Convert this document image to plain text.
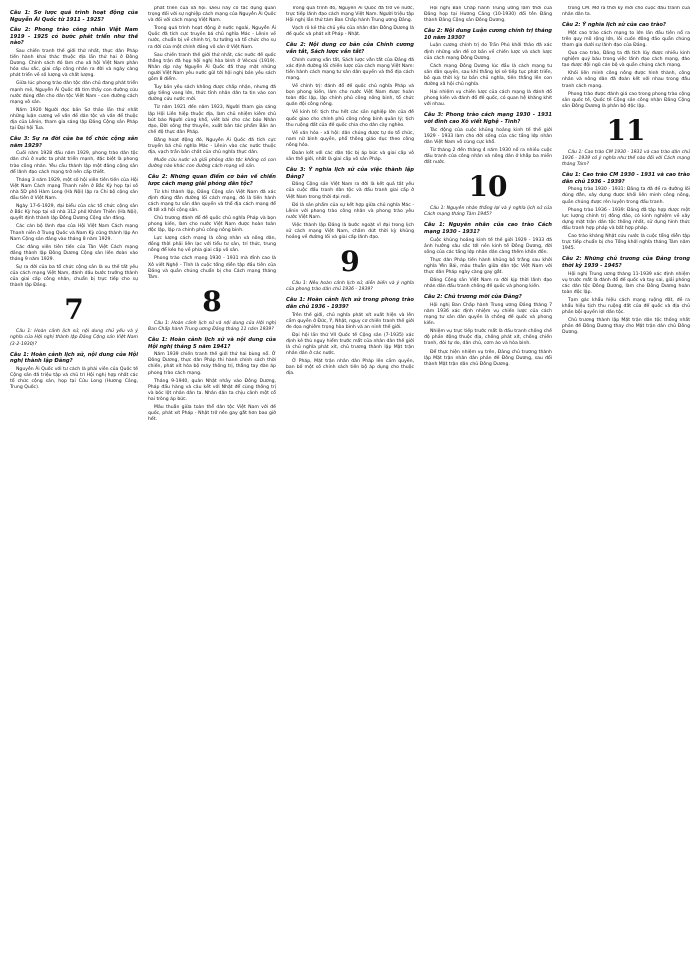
Câu 1: Sơ lược quá trình hoạt động của Nguyễn Ái Quốc từ 1911 - 1925?
Câu 2: Phong trào công nhân Việt Nam 1919 - 1925 có bước phát triển như thế nào?

Sau chiến tranh thế giới thứ nhất, thực dân Pháp tiến hành khai thác thuộc địa lần thứ hai ở Đông Dương. Chính sách đó làm cho xã hội Việt Nam phân hóa sâu sắc, giai cấp công nhân ra đời và ngày càng phát triển về số lượng và chất lượng.

Giữa lúc phong trào dân tộc dân chủ đang phát triển mạnh mẽ, Nguyễn Ái Quốc đã tìm thấy con đường cứu nước đúng đắn cho dân tộc Việt Nam - con đường cách mạng vô sản.

Năm 1920 Người đọc bản Sơ thảo lần thứ nhất những luận cương về vấn đề dân tộc và vấn đề thuộc địa của Lênin, tham gia sáng lập Đảng Cộng sản Pháp tại Đại hội Tua.

Câu 3: Sự ra đời của ba tổ chức cộng sản năm 1929?

Cuối năm 1928 đầu năm 1929, phong trào dân tộc dân chủ ở nước ta phát triển mạnh, đặc biệt là phong trào công nhân. Yêu cầu thành lập một đảng cộng sản để lãnh đạo cách mạng trở nên cấp thiết.

Tháng 3 năm 1929, một số hội viên tiên tiến của Hội Việt Nam Cách mạng Thanh niên ở Bắc Kỳ họp tại số nhà 5D phố Hàm Long (Hà Nội) lập ra Chi bộ cộng sản đầu tiên ở Việt Nam.

Ngày 17-6-1929, đại biểu của các tổ chức cộng sản ở Bắc Kỳ họp tại số nhà 312 phố Khâm Thiên (Hà Nội), quyết định thành lập Đông Dương Cộng sản đảng.

Các cán bộ lãnh đạo của Hội Việt Nam Cách mạng Thanh niên ở Trung Quốc và Nam Kỳ cũng thành lập An Nam Cộng sản đảng vào tháng 8 năm 1929.

Các đảng viên tiên tiến của Tân Việt Cách mạng đảng thành lập Đông Dương Cộng sản liên đoàn vào tháng 9 năm 1929.

Sự ra đời của ba tổ chức cộng sản là xu thế tất yếu của cách mạng Việt Nam, đánh dấu bước trưởng thành của giai cấp công nhân, chuẩn bị trực tiếp cho sự thành lập Đảng.

7

Câu 1: Hoàn cảnh lịch sử, nội dung chủ yếu và ý nghĩa của Hội nghị thành lập Đảng Cộng sản Việt Nam (3-2-1930)?

Câu 1: Hoàn cảnh lịch sử, nội dung của Hội nghị thành lập Đảng?

Nguyễn Ái Quốc với tư cách là phái viên của Quốc tế Cộng sản đã triệu tập và chủ trì Hội nghị hợp nhất các tổ chức cộng sản, họp tại Cửu Long (Hương Cảng, Trung Quốc).

phát triển của xã hội. Điều này có tác dụng quan trọng đối với sự nghiệp cách mạng của Nguyễn Ái Quốc và đối với cách mạng Việt Nam.

Trong quá trình hoạt động ở nước ngoài, Nguyễn Ái Quốc đã tích cực truyền bá chủ nghĩa Mác - Lênin về nước, chuẩn bị về chính trị, tư tưởng và tổ chức cho sự ra đời của một chính đảng vô sản ở Việt Nam.

Sau chiến tranh thế giới thứ nhất, các nước đế quốc thắng trận đã họp hội nghị hòa bình ở Vécxai (1919). Nhân dịp này Nguyễn Ái Quốc đã thay mặt những người Việt Nam yêu nước gửi tới hội nghị bản yêu sách gồm 8 điểm.

Tuy bản yêu sách không được chấp nhận, nhưng đã gây tiếng vang lớn, thức tỉnh nhân dân ta tin vào con đường cứu nước mới.

Từ năm 1921 đến năm 1923, Người tham gia sáng lập Hội Liên hiệp thuộc địa, làm chủ nhiệm kiêm chủ bút báo Người cùng khổ, viết bài cho các báo Nhân đạo, Đời sống thợ thuyền, xuất bản tác phẩm Bản án chế độ thực dân Pháp.

Bằng hoạt động đó, Nguyễn Ái Quốc đã tích cực truyền bá chủ nghĩa Mác - Lênin vào các nước thuộc địa, vạch trần bản chất của chủ nghĩa thực dân.

Muốn cứu nước và giải phóng dân tộc không có con đường nào khác con đường cách mạng vô sản.

Câu 2: Những quan điểm cơ bản về chiến lược cách mạng giải phóng dân tộc?

Từ khi thành lập, Đảng Cộng sản Việt Nam đã xác định đúng đắn đường lối cách mạng, đó là tiến hành cách mạng tư sản dân quyền và thổ địa cách mạng để đi tới xã hội cộng sản.

Chủ trương đánh đổ đế quốc chủ nghĩa Pháp và bọn phong kiến, làm cho nước Việt Nam được hoàn toàn độc lập, lập ra chính phủ công nông binh.

Lực lượng cách mạng là công nhân và nông dân, đồng thời phải liên lạc với tiểu tư sản, trí thức, trung nông để kéo họ về phía giai cấp vô sản.

Phong trào cách mạng 1930 - 1931 mà đỉnh cao là Xô viết Nghệ - Tĩnh là cuộc tổng diễn tập đầu tiên của Đảng và quần chúng chuẩn bị cho Cách mạng tháng Tám.

8

Câu 1: Hoàn cảnh lịch sử và nội dung của Hội nghị Ban Chấp hành Trung ương Đảng tháng 11 năm 1939?

Câu 1: Hoàn cảnh lịch sử và nội dung của Hội nghị tháng 5 năm 1941?

Năm 1939 chiến tranh thế giới thứ hai bùng nổ. Ở Đông Dương, thực dân Pháp thi hành chính sách thời chiến, phát xít hóa bộ máy thống trị, thẳng tay đàn áp phong trào cách mạng.

Tháng 9-1940, quân Nhật nhảy vào Đông Dương, Pháp đầu hàng và câu kết với Nhật để cùng thống trị và bóc lột nhân dân ta. Nhân dân ta chịu cảnh một cổ hai tròng áp bức.

Mâu thuẫn giữa toàn thể dân tộc Việt Nam với đế quốc, phát xít Pháp - Nhật trở nên gay gắt hơn bao giờ hết.

Trong quá trình đó, Nguyễn Ái Quốc đã trở về nước, trực tiếp lãnh đạo cách mạng Việt Nam. Người triệu tập Hội nghị lần thứ tám Ban Chấp hành Trung ương Đảng.

Vạch rõ kẻ thù chủ yếu của nhân dân Đông Dương là đế quốc và phát xít Pháp - Nhật.

Câu 2: Nội dung cơ bản của Chính cương vắn tắt, Sách lược vắn tắt?

Chính cương vắn tắt, Sách lược vắn tắt của Đảng đã xác định đường lối chiến lược của cách mạng Việt Nam: tiến hành cách mạng tư sản dân quyền và thổ địa cách mạng.

Về chính trị: đánh đổ đế quốc chủ nghĩa Pháp và bọn phong kiến, làm cho nước Việt Nam được hoàn toàn độc lập, lập chính phủ công nông binh, tổ chức quân đội công nông.

Về kinh tế: tịch thu hết các sản nghiệp lớn của đế quốc giao cho chính phủ công nông binh quản lý; tịch thu ruộng đất của đế quốc chia cho dân cày nghèo.

Về văn hóa - xã hội: dân chúng được tự do tổ chức, nam nữ bình quyền, phổ thông giáo dục theo công nông hóa.

Đoàn kết với các dân tộc bị áp bức và giai cấp vô sản thế giới, nhất là giai cấp vô sản Pháp.

Câu 3: Ý nghĩa lịch sử của việc thành lập Đảng?

Đảng Cộng sản Việt Nam ra đời là kết quả tất yếu của cuộc đấu tranh dân tộc và đấu tranh giai cấp ở Việt Nam trong thời đại mới.

Đó là sản phẩm của sự kết hợp giữa chủ nghĩa Mác - Lênin với phong trào công nhân và phong trào yêu nước Việt Nam.

Việc thành lập Đảng là bước ngoặt vĩ đại trong lịch sử cách mạng Việt Nam, chấm dứt thời kỳ khủng hoảng về đường lối và giai cấp lãnh đạo.

9

Câu 1: Nêu hoàn cảnh lịch sử, diễn biến và ý nghĩa của phong trào dân chủ 1936 - 1939?

Câu 1: Hoàn cảnh lịch sử trong phong trào dân chủ 1936 - 1939?

Trên thế giới, chủ nghĩa phát xít xuất hiện và lên cầm quyền ở Đức, Ý, Nhật, nguy cơ chiến tranh thế giới đe dọa nghiêm trọng hòa bình và an ninh thế giới.

Đại hội lần thứ VII Quốc tế Cộng sản (7-1935) xác định kẻ thù nguy hiểm trước mắt của nhân dân thế giới là chủ nghĩa phát xít, chủ trương thành lập Mặt trận nhân dân ở các nước.

Ở Pháp, Mặt trận nhân dân Pháp lên cầm quyền, ban bố một số chính sách tiến bộ áp dụng cho thuộc địa.

Hội nghị Ban Chấp hành Trung ương lâm thời của Đảng họp tại Hương Cảng (10-1930) đổi tên Đảng thành Đảng Cộng sản Đông Dương.

Câu 2: Nội dung Luận cương chính trị tháng 10 năm 1930?

Luận cương chính trị do Trần Phú khởi thảo đã xác định những vấn đề cơ bản về chiến lược và sách lược của cách mạng Đông Dương.

Cách mạng Đông Dương lúc đầu là cách mạng tư sản dân quyền, sau khi thắng lợi sẽ tiếp tục phát triển, bỏ qua thời kỳ tư bản chủ nghĩa, tiến thẳng lên con đường xã hội chủ nghĩa.

Hai nhiệm vụ chiến lược của cách mạng là đánh đổ phong kiến và đánh đổ đế quốc, có quan hệ khăng khít với nhau.

Câu 3: Phong trào cách mạng 1930 - 1931 với đỉnh cao Xô viết Nghệ - Tĩnh?

Tác động của cuộc khủng hoảng kinh tế thế giới 1929 - 1933 làm cho đời sống của các tầng lớp nhân dân Việt Nam vô cùng cực khổ.

Từ tháng 2 đến tháng 4 năm 1930 nổ ra nhiều cuộc đấu tranh của công nhân và nông dân ở khắp ba miền đất nước.

10

Câu 1: Nguyên nhân thắng lợi và ý nghĩa lịch sử của Cách mạng tháng Tám 1945?

Câu 1: Nguyên nhân của cao trào Cách mạng 1930 - 1931?

Cuộc khủng hoảng kinh tế thế giới 1929 - 1933 đã ảnh hưởng sâu sắc tới nền kinh tế Đông Dương, đời sống của các tầng lớp nhân dân càng thêm khốn đốn.

Thực dân Pháp tiến hành khủng bố trắng sau khởi nghĩa Yên Bái, mâu thuẫn giữa dân tộc Việt Nam với thực dân Pháp ngày càng gay gắt.

Đảng Cộng sản Việt Nam ra đời kịp thời lãnh đạo nhân dân đấu tranh chống đế quốc và phong kiến.

Câu 2: Chủ trương mới của Đảng?

Hội nghị Ban Chấp hành Trung ương Đảng tháng 7 năm 1936 xác định nhiệm vụ chiến lược của cách mạng tư sản dân quyền là chống đế quốc và phong kiến.

Nhiệm vụ trực tiếp trước mắt là đấu tranh chống chế độ phản động thuộc địa, chống phát xít, chống chiến tranh, đòi tự do, dân chủ, cơm áo và hòa bình.

Để thực hiện nhiệm vụ trên, Đảng chủ trương thành lập Mặt trận nhân dân phản đế Đông Dương, sau đổi thành Mặt trận dân chủ Đông Dương.

trong CM. Mở ra thời kỳ mới cho cuộc đấu tranh của nhân dân ta.

Câu 2: Ý nghĩa lịch sử của cao trào?

Một cao trào cách mạng to lớn lần đầu tiên nổ ra trên quy mô rộng lớn, lôi cuốn đông đảo quần chúng tham gia dưới sự lãnh đạo của Đảng.

Qua cao trào, Đảng ta đã tích lũy được nhiều kinh nghiệm quý báu trong việc lãnh đạo cách mạng, đào tạo được đội ngũ cán bộ và quần chúng cách mạng.

Khối liên minh công nông được hình thành, công nhân và nông dân đã đoàn kết với nhau trong đấu tranh cách mạng.

Phong trào được đánh giá cao trong phong trào cộng sản quốc tế, Quốc tế Cộng sản công nhận Đảng Cộng sản Đông Dương là phân bộ độc lập.

11

Câu 1: Cao trào CM 1930 - 1931 và cao trào dân chủ 1936 - 1939 có ý nghĩa như thế nào đối với Cách mạng tháng Tám?

Câu 1: Cao trào CM 1930 - 1931 và cao trào dân chủ 1936 - 1939?

Phong trào 1930 - 1931: Đảng ta đã đề ra đường lối đúng đắn, xây dựng được khối liên minh công nông, quần chúng được rèn luyện trong đấu tranh.

Phong trào 1936 - 1939: Đảng đã tập hợp được một lực lượng chính trị đông đảo, có kinh nghiệm về xây dựng mặt trận dân tộc thống nhất, sử dụng hình thức đấu tranh hợp pháp và bất hợp pháp.

Cao trào kháng Nhật cứu nước là cuộc tổng diễn tập trực tiếp chuẩn bị cho Tổng khởi nghĩa tháng Tám năm 1945.

Câu 2: Những chủ trương của Đảng trong thời kỳ 1939 - 1945?

Hội nghị Trung ương tháng 11-1939 xác định nhiệm vụ trước mắt là đánh đổ đế quốc và tay sai, giải phóng các dân tộc Đông Dương, làm cho Đông Dương hoàn toàn độc lập.

Tạm gác khẩu hiệu cách mạng ruộng đất, đề ra khẩu hiệu tịch thu ruộng đất của đế quốc và địa chủ phản bội quyền lợi dân tộc.

Chủ trương thành lập Mặt trận dân tộc thống nhất phản đế Đông Dương thay cho Mặt trận dân chủ Đông Dương.
